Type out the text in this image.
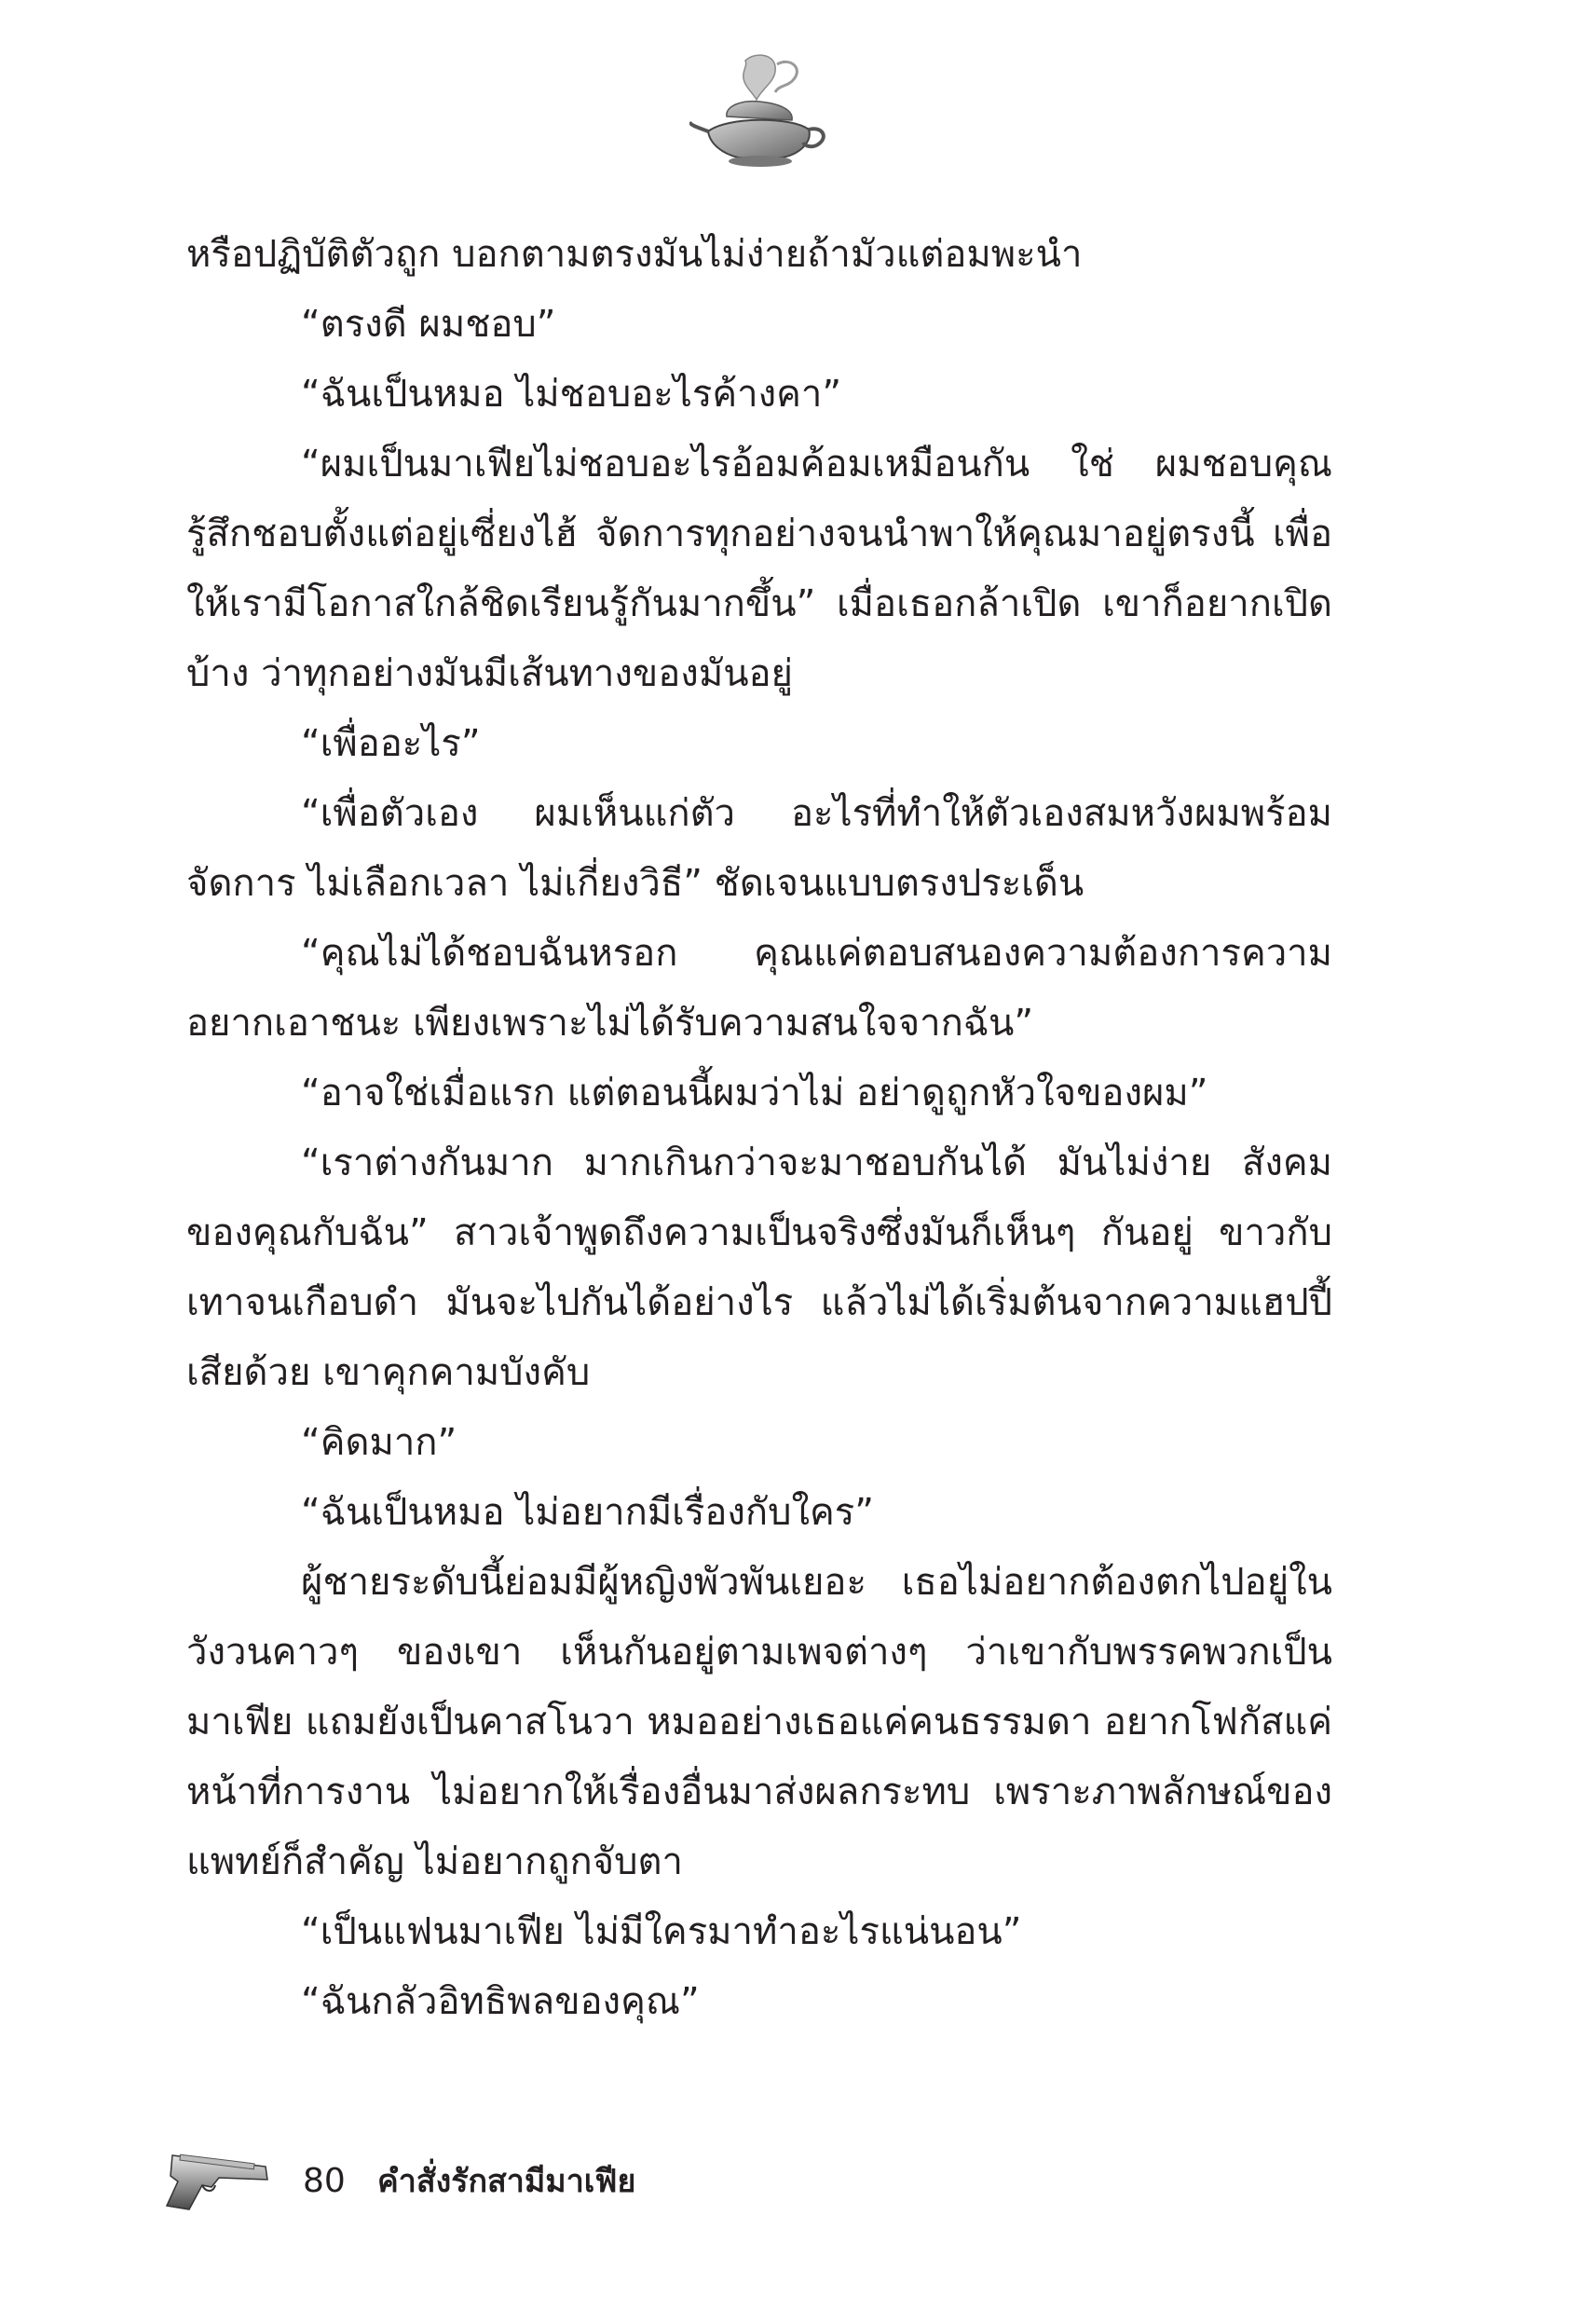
หรือปฏิบัติตัวถูก บอกตามตรงมันไม่ง่ายถ้ามัวแต่อมพะนำ

“ตรงดี ผมชอบ”

“ฉันเป็นหมอ ไม่ชอบอะไรค้างคา”

“ผมเป็นมาเฟียไม่ชอบอะไรอ้อมค้อมเหมือนกัน ใช่ ผมชอบคุณ รู้สึกชอบตั้งแต่อยู่เซี่ยงไฮ้ จัดการทุกอย่างจนนำพาให้คุณมาอยู่ตรงนี้ เพื่อให้เรามีโอกาสใกล้ชิดเรียนรู้กันมากขึ้น” เมื่อเธอกล้าเปิด เขาก็อยากเปิดบ้าง ว่าทุกอย่างมันมีเส้นทางของมันอยู่

“เพื่ออะไร”

“เพื่อตัวเอง ผมเห็นแก่ตัว อะไรที่ทำให้ตัวเองสมหวังผมพร้อมจัดการ ไม่เลือกเวลา ไม่เกี่ยงวิธี” ชัดเจนแบบตรงประเด็น

“คุณไม่ได้ชอบฉันหรอก คุณแค่ตอบสนองความต้องการความอยากเอาชนะ เพียงเพราะไม่ได้รับความสนใจจากฉัน”

“อาจใช่เมื่อแรก แต่ตอนนี้ผมว่าไม่ อย่าดูถูกหัวใจของผม”

“เราต่างกันมาก มากเกินกว่าจะมาชอบกันได้ มันไม่ง่าย สังคมของคุณกับฉัน” สาวเจ้าพูดถึงความเป็นจริงซึ่งมันก็เห็นๆ กันอยู่ ขาวกับเทาจนเกือบดำ มันจะไปกันได้อย่างไร แล้วไม่ได้เริ่มต้นจากความแฮปปี้เสียด้วย เขาคุกคามบังคับ

“คิดมาก”

“ฉันเป็นหมอ ไม่อยากมีเรื่องกับใคร”

ผู้ชายระดับนี้ย่อมมีผู้หญิงพัวพันเยอะ เธอไม่อยากต้องตกไปอยู่ในวังวนคาวๆ ของเขา เห็นกันอยู่ตามเพจต่างๆ ว่าเขากับพรรคพวกเป็นมาเฟีย แถมยังเป็นคาสโนวา หมออย่างเธอแค่คนธรรมดา อยากโฟกัสแค่หน้าที่การงาน ไม่อยากให้เรื่องอื่นมาส่งผลกระทบ เพราะภาพลักษณ์ของแพทย์ก็สำคัญ ไม่อยากถูกจับตา

“เป็นแฟนมาเฟีย ไม่มีใครมาทำอะไรแน่นอน”

“ฉันกลัวอิทธิพลของคุณ”

80 คำสั่งรักสามีมาเฟีย
